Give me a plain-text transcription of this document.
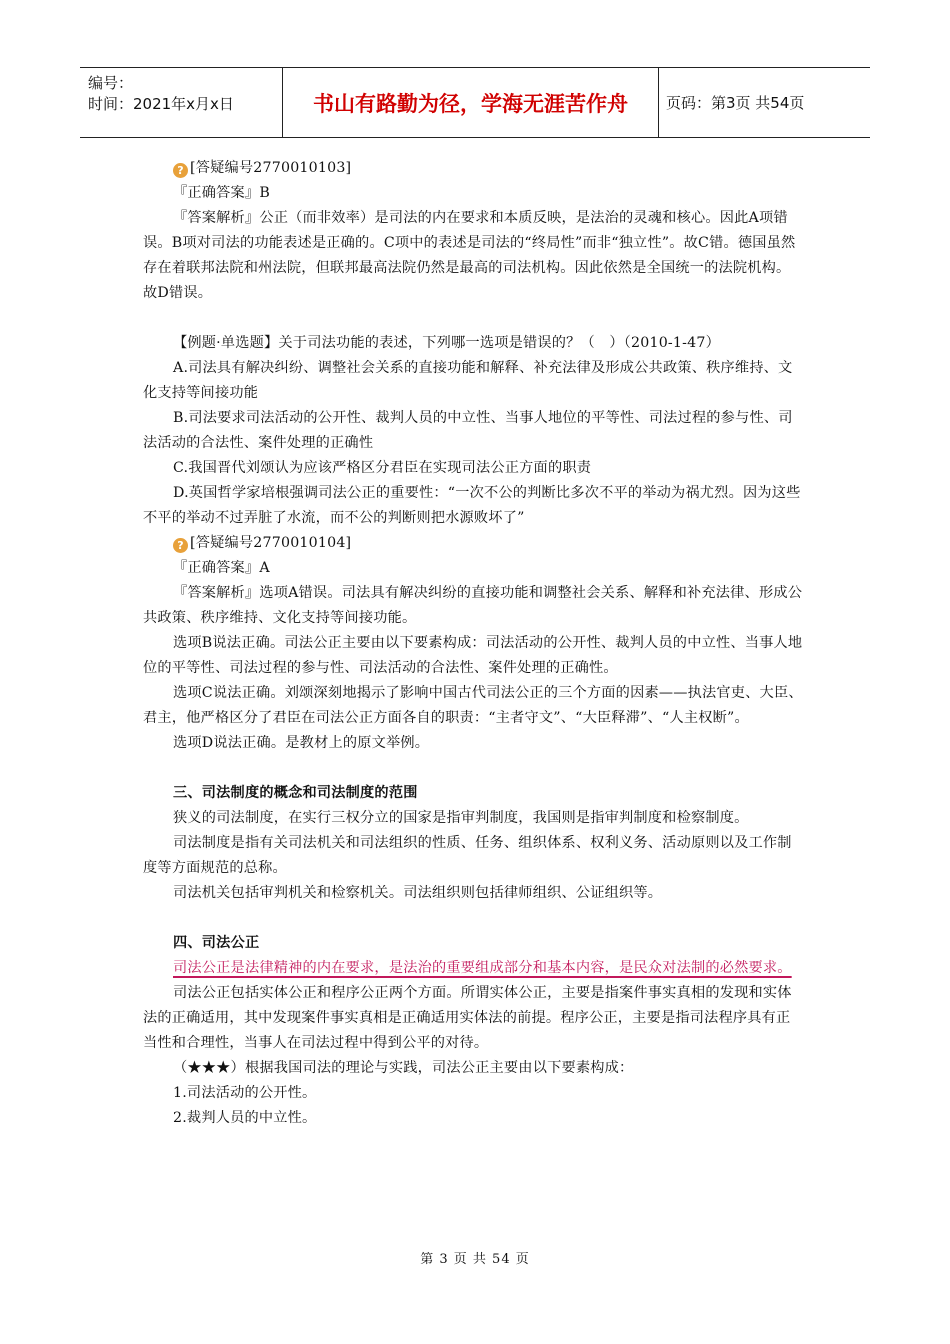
编号：
时间：2021年x月x日	书山有路勤为径，学海无涯苦作舟	页码：第3页 共54页

? [答疑编号2770010103]

『正确答案』B

『答案解析』公正（而非效率）是司法的内在要求和本质反映，是法治的灵魂和核心。因此A项错误。B项对司法的功能表述是正确的。C项中的表述是司法的“终局性”而非“独立性”。故C错。德国虽然存在着联邦法院和州法院，但联邦最高法院仍然是最高的司法机构。因此依然是全国统一的法院机构。故D错误。

【例题·单选题】关于司法功能的表述，下列哪一选项是错误的？（　）（2010-1-47）

A.司法具有解决纠纷、调整社会关系的直接功能和解释、补充法律及形成公共政策、秩序维持、文化支持等间接功能

B.司法要求司法活动的公开性、裁判人员的中立性、当事人地位的平等性、司法过程的参与性、司法活动的合法性、案件处理的正确性

C.我国晋代刘颂认为应该严格区分君臣在实现司法公正方面的职责

D.英国哲学家培根强调司法公正的重要性：“一次不公的判断比多次不平的举动为祸尤烈。因为这些不平的举动不过弄脏了水流，而不公的判断则把水源败坏了”

? [答疑编号2770010104]

『正确答案』A

『答案解析』选项A错误。司法具有解决纠纷的直接功能和调整社会关系、解释和补充法律、形成公共政策、秩序维持、文化支持等间接功能。

选项B说法正确。司法公正主要由以下要素构成：司法活动的公开性、裁判人员的中立性、当事人地位的平等性、司法过程的参与性、司法活动的合法性、案件处理的正确性。

选项C说法正确。刘颂深刻地揭示了影响中国古代司法公正的三个方面的因素——执法官吏、大臣、君主，他严格区分了君臣在司法公正方面各自的职责：“主者守文”、“大臣释滞”、“人主权断”。

选项D说法正确。是教材上的原文举例。

三、司法制度的概念和司法制度的范围

狭义的司法制度，在实行三权分立的国家是指审判制度，我国则是指审判制度和检察制度。

司法制度是指有关司法机关和司法组织的性质、任务、组织体系、权利义务、活动原则以及工作制度等方面规范的总称。

司法机关包括审判机关和检察机关。司法组织则包括律师组织、公证组织等。

四、司法公正

司法公正是法律精神的内在要求，是法治的重要组成部分和基本内容，是民众对法制的必然要求。

司法公正包括实体公正和程序公正两个方面。所谓实体公正，主要是指案件事实真相的发现和实体法的正确适用，其中发现案件事实真相是正确适用实体法的前提。程序公正，主要是指司法程序具有正当性和合理性，当事人在司法过程中得到公平的对待。

（★★★）根据我国司法的理论与实践，司法公正主要由以下要素构成：

1.司法活动的公开性。

2.裁判人员的中立性。

第 3 页 共 54 页
